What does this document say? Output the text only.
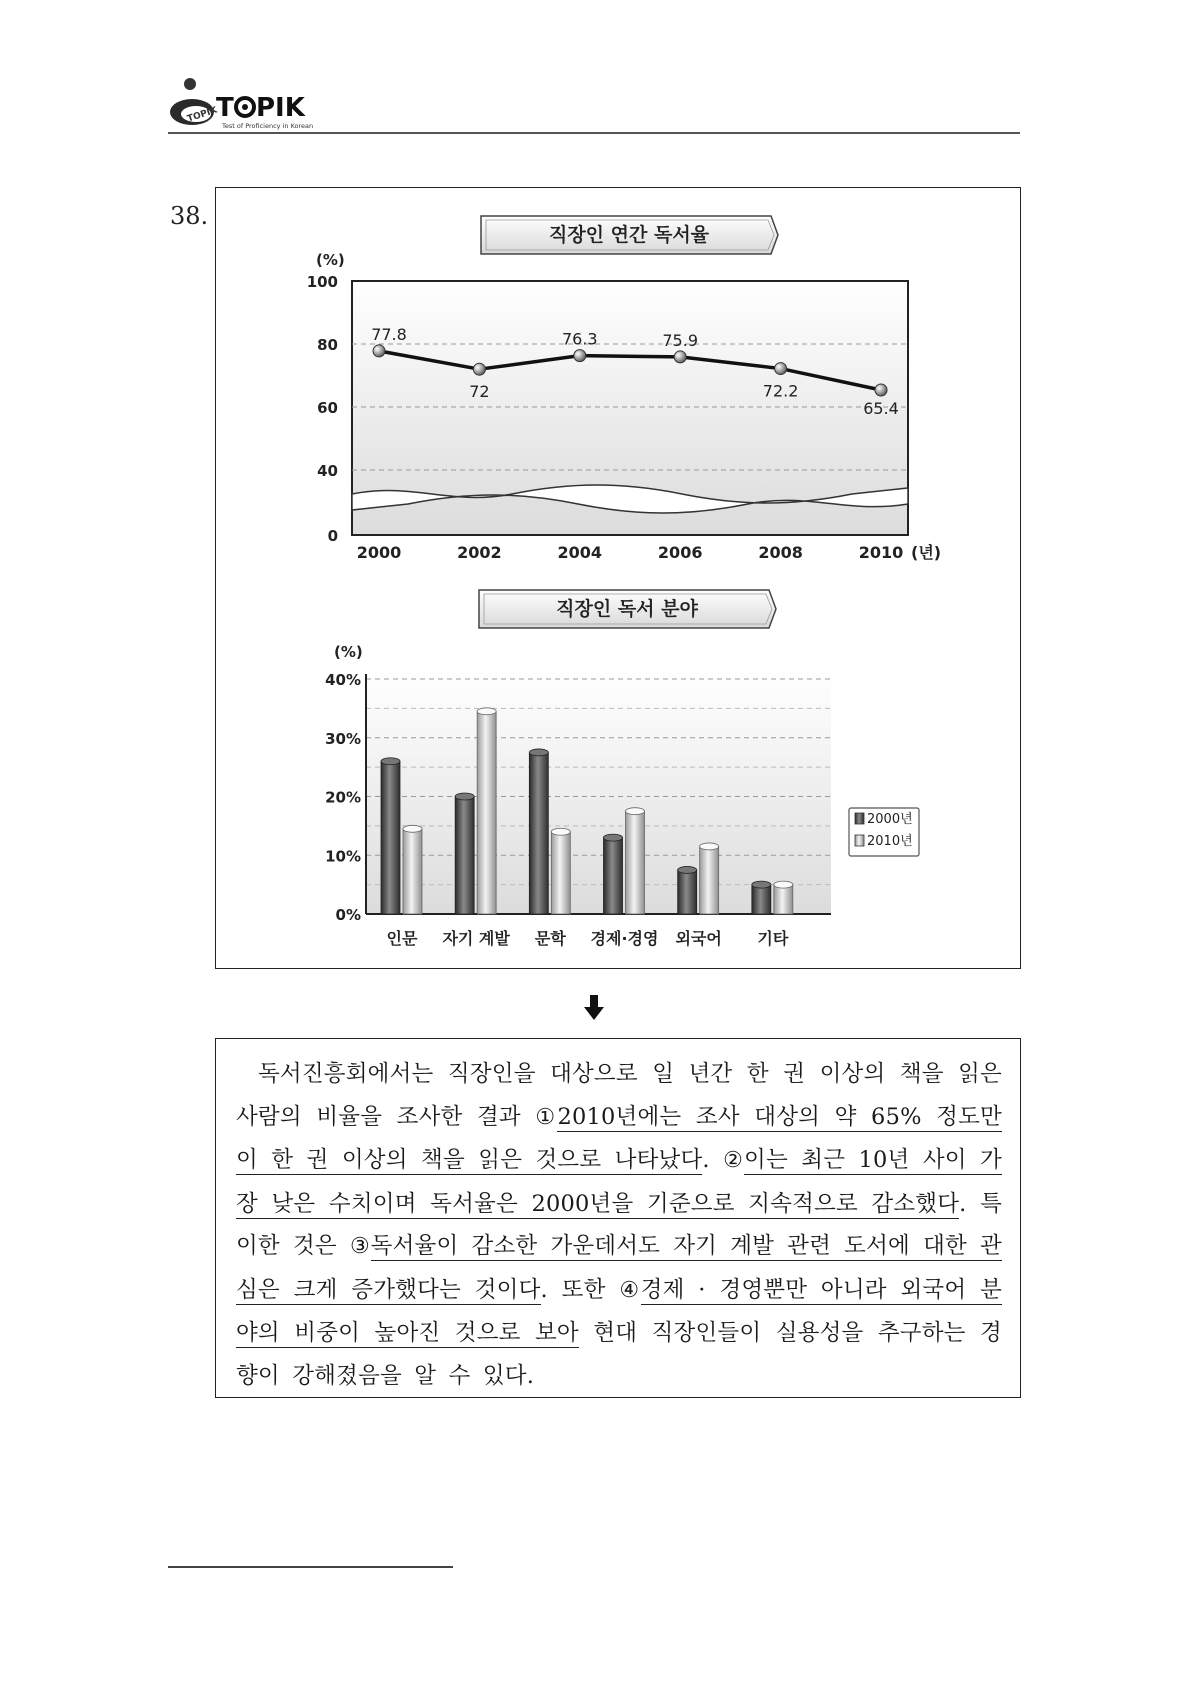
TOPIK
T PIK
Test of Proficiency in Korean
38.
직장인 연간 독서율
(%)
100
80
60
40
0
2000	2002	2004	2006	2008	2010 (년)
77.8
72
76.3	75.9
72.2
65.4
직장인 독서 분야
(%)
40%
30%
20%
10%
0%
인문 자기 계발 문학 경제·경영 외국어 기타
2000년
2010년
독서진흥회에서는 직장인을 대상으로 일 년간 한 권 이상의 책을 읽은 사람의 비율을 조사한 결과 ①2010년에는 조사 대상의 약 65% 정도만이 한 권 이상의 책을 읽은 것으로 나타났다. ②이는 최근 10년 사이 가장 낮은 수치이며 독서율은 2000년을 기준으로 지속적으로 감소했다. 특이한 것은 ③독서율이 감소한 가운데서도 자기 계발 관련 도서에 대한 관심은 크게 증가했다는 것이다. 또한 ④경제 · 경영뿐만 아니라 외국어 분야의 비중이 높아진 것으로 보아 현대 직장인들이 실용성을 추구하는 경향이 강해졌음을 알 수 있다.
